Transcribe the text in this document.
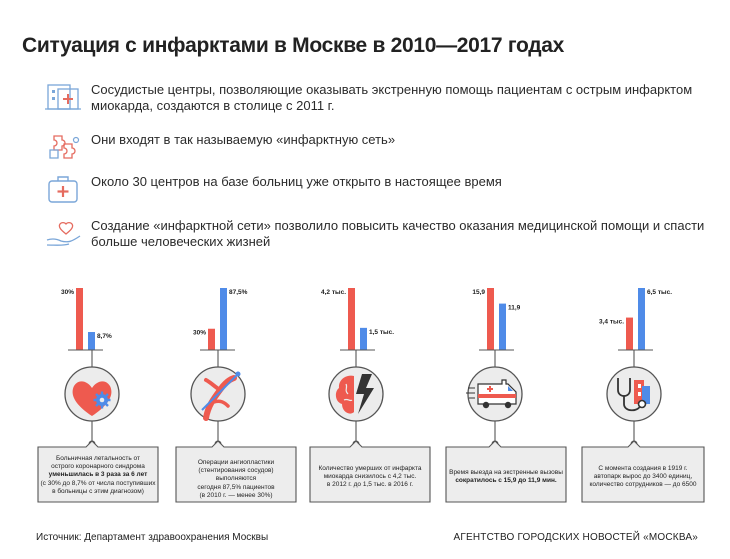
Ситуация с инфарктами в Москве в 2010—2017 годах
Сосудистые центры, позволяющие оказывать экстренную помощь пациентам с острым инфарктом миокарда, создаются в столице с 2011 г.
Они входят в так называемую «инфарктную сеть»
Около 30 центров на базе больниц уже открыто в настоящее время
Создание «инфарктной сети» позволило повысить качество оказания медицинской помощи и спасти больше человеческих жизней
30%
8,7%
Больничная летальность от
острого коронарного синдрома
уменьшилась в 3 раза за 6 лет
(с 30% до 8,7% от числа поступивших
в больницы с этим диагнозом)
30%
87,5%
Операции ангиопластики
(стентирования сосудов) выполняются
сегодня 87,5% пациентов
(в 2010 г. — менее 30%)
4,2 тыс.
1,5 тыс.
Количество умерших от инфаркта
миокарда снизилось с 4,2 тыс.
в 2012 г. до 1,5 тыс. в 2016 г.
15,9
11,9
Время выезда на экстренные вызовы
сократилось с 15,9 до 11,9 мин.
3,4 тыс.
6,5 тыс.
С момента создания в 1919 г.
автопарк вырос до 3400 единиц,
количество сотрудников — до 6500
Источник: Департамент здравоохранения Москвы	АГЕНТСТВО ГОРОДСКИХ НОВОСТЕЙ «МОСКВА»
